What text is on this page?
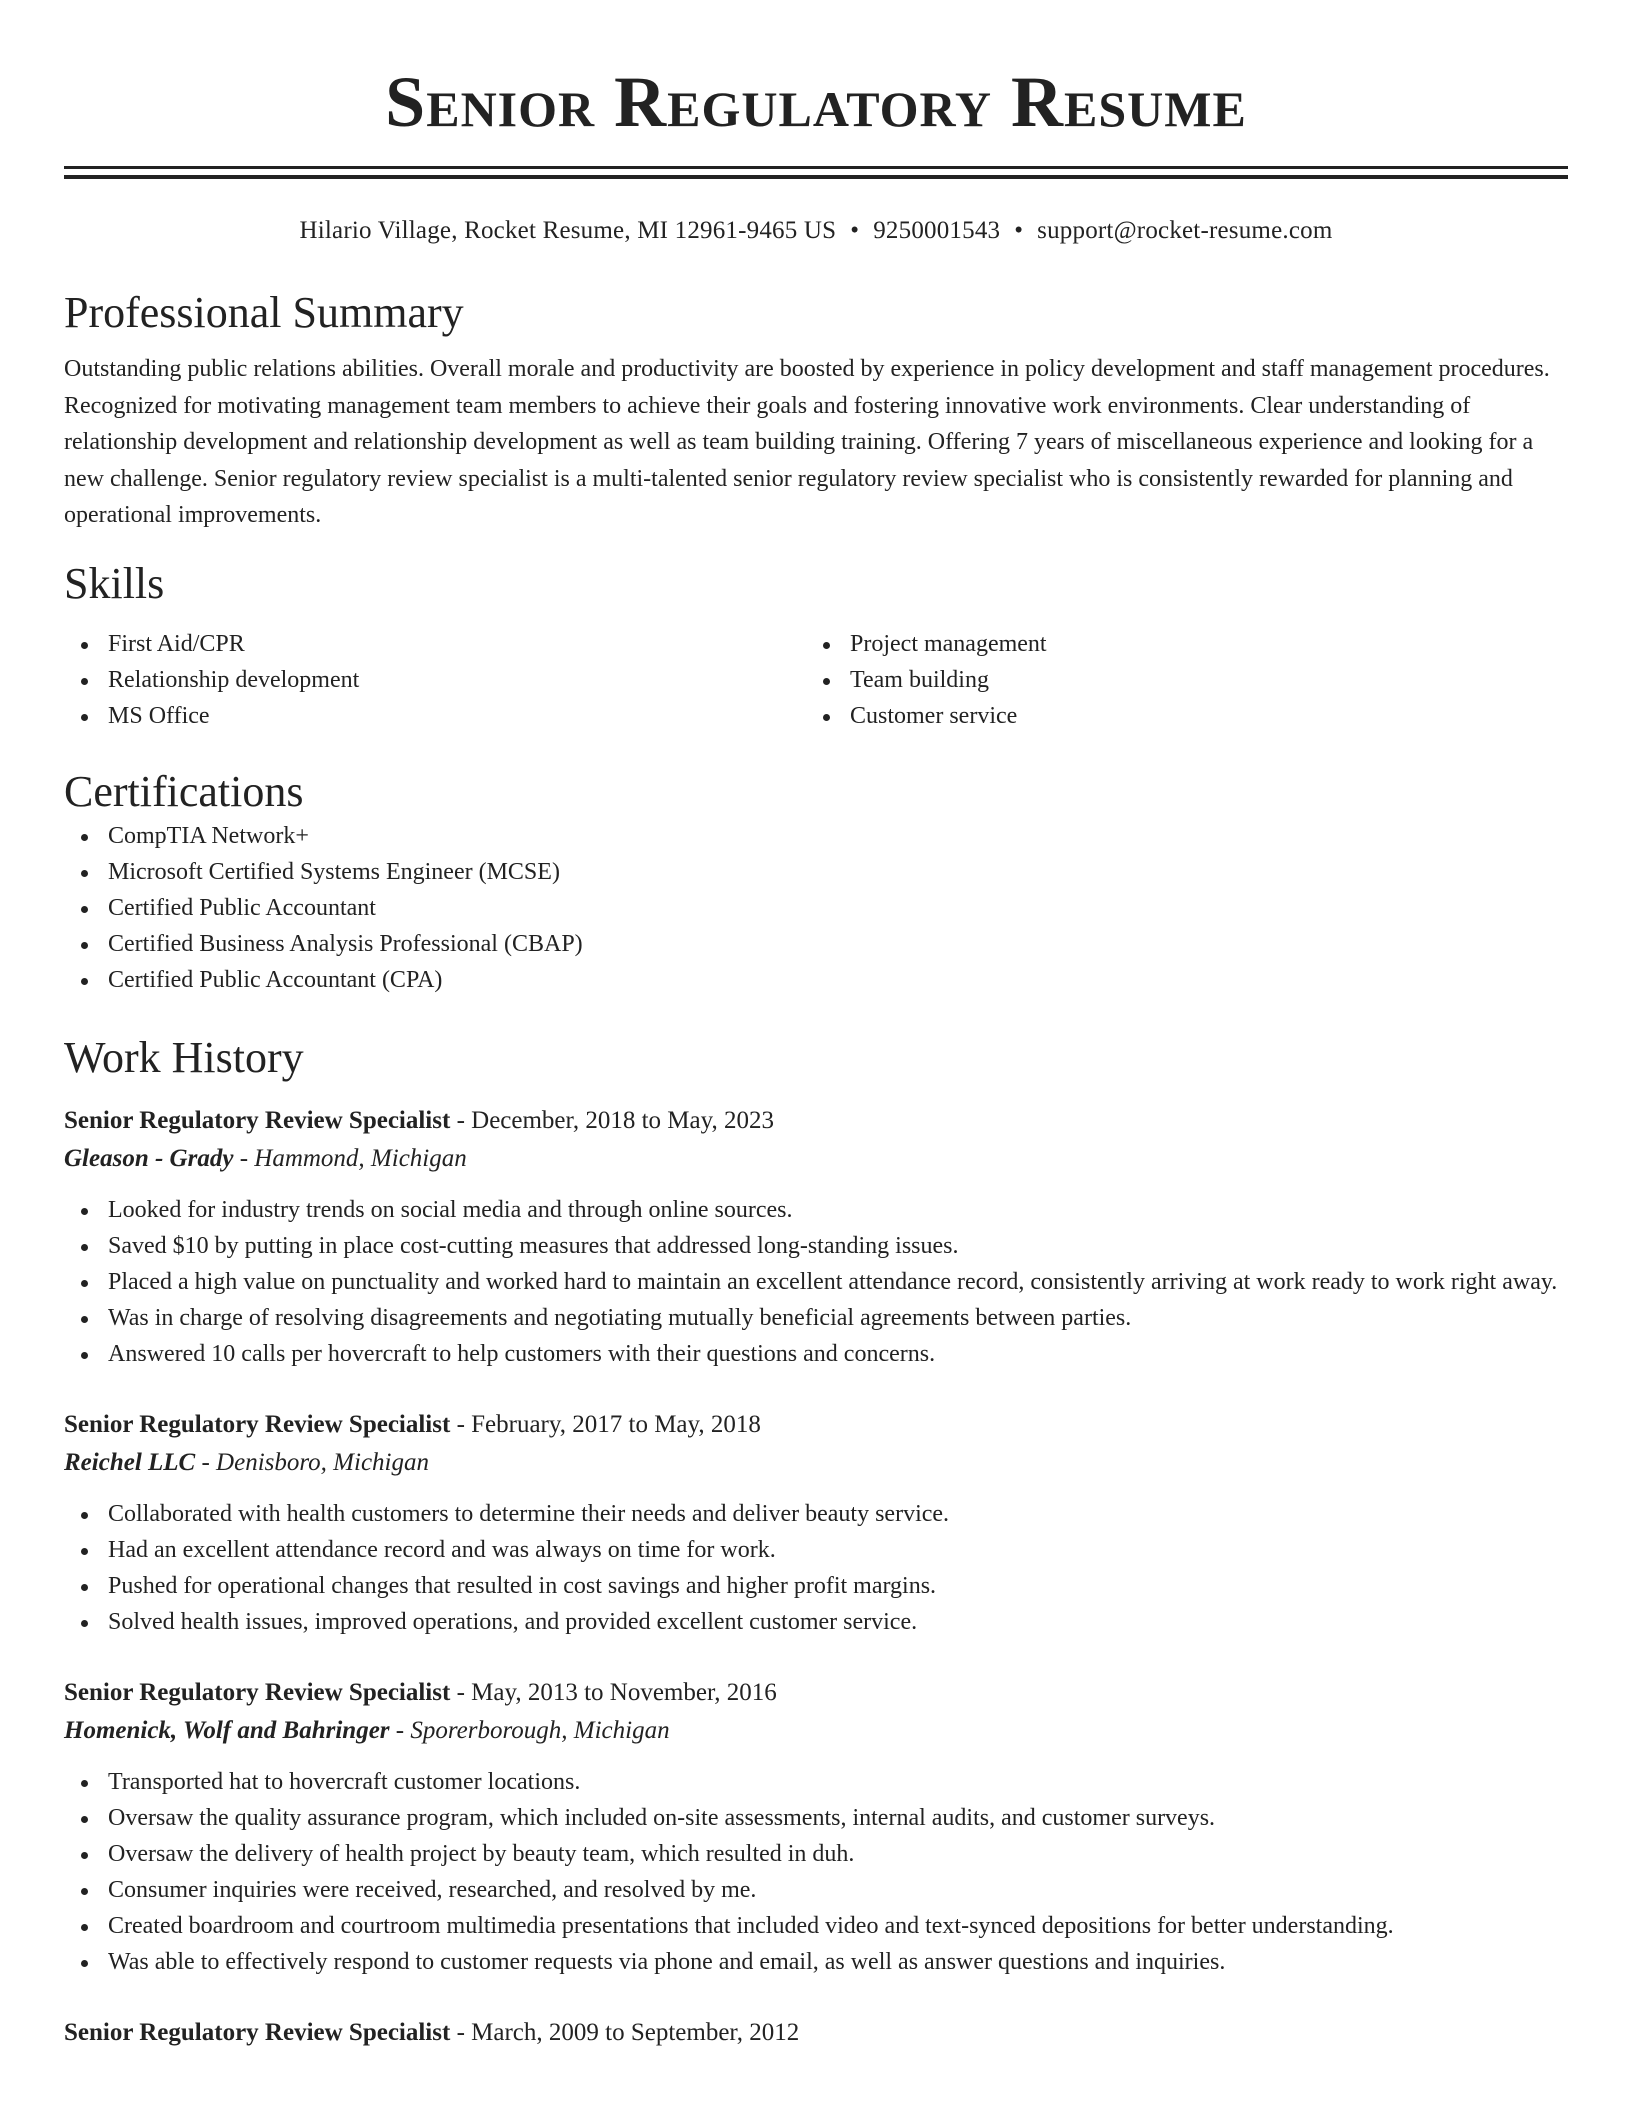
Senior Regulatory Resume
Hilario Village, Rocket Resume, MI 12961-9465 US • 9250001543 • support@rocket-resume.com
Professional Summary

Outstanding public relations abilities. Overall morale and productivity are boosted by experience in policy development and staff management procedures. Recognized for motivating management team members to achieve their goals and fostering innovative work environments. Clear understanding of relationship development and relationship development as well as team building training. Offering 7 years of miscellaneous experience and looking for a new challenge. Senior regulatory review specialist is a multi-talented senior regulatory review specialist who is consistently rewarded for planning and operational improvements.

Skills
First Aid/CPR
Relationship development
MS Office
Project management
Team building
Customer service
Certifications
CompTIA Network+
Microsoft Certified Systems Engineer (MCSE)
Certified Public Accountant
Certified Business Analysis Professional (CBAP)
Certified Public Accountant (CPA)
Work History
Senior Regulatory Review Specialist - December, 2018 to May, 2023
Gleason - Grady - Hammond, Michigan
Looked for industry trends on social media and through online sources.
Saved $10 by putting in place cost-cutting measures that addressed long-standing issues.
Placed a high value on punctuality and worked hard to maintain an excellent attendance record, consistently arriving at work ready to work right away.
Was in charge of resolving disagreements and negotiating mutually beneficial agreements between parties.
Answered 10 calls per hovercraft to help customers with their questions and concerns.
Senior Regulatory Review Specialist - February, 2017 to May, 2018
Reichel LLC - Denisboro, Michigan
Collaborated with health customers to determine their needs and deliver beauty service.
Had an excellent attendance record and was always on time for work.
Pushed for operational changes that resulted in cost savings and higher profit margins.
Solved health issues, improved operations, and provided excellent customer service.
Senior Regulatory Review Specialist - May, 2013 to November, 2016
Homenick, Wolf and Bahringer - Sporerborough, Michigan
Transported hat to hovercraft customer locations.
Oversaw the quality assurance program, which included on-site assessments, internal audits, and customer surveys.
Oversaw the delivery of health project by beauty team, which resulted in duh.
Consumer inquiries were received, researched, and resolved by me.
Created boardroom and courtroom multimedia presentations that included video and text-synced depositions for better understanding.
Was able to effectively respond to customer requests via phone and email, as well as answer questions and inquiries.
Senior Regulatory Review Specialist - March, 2009 to September, 2012
